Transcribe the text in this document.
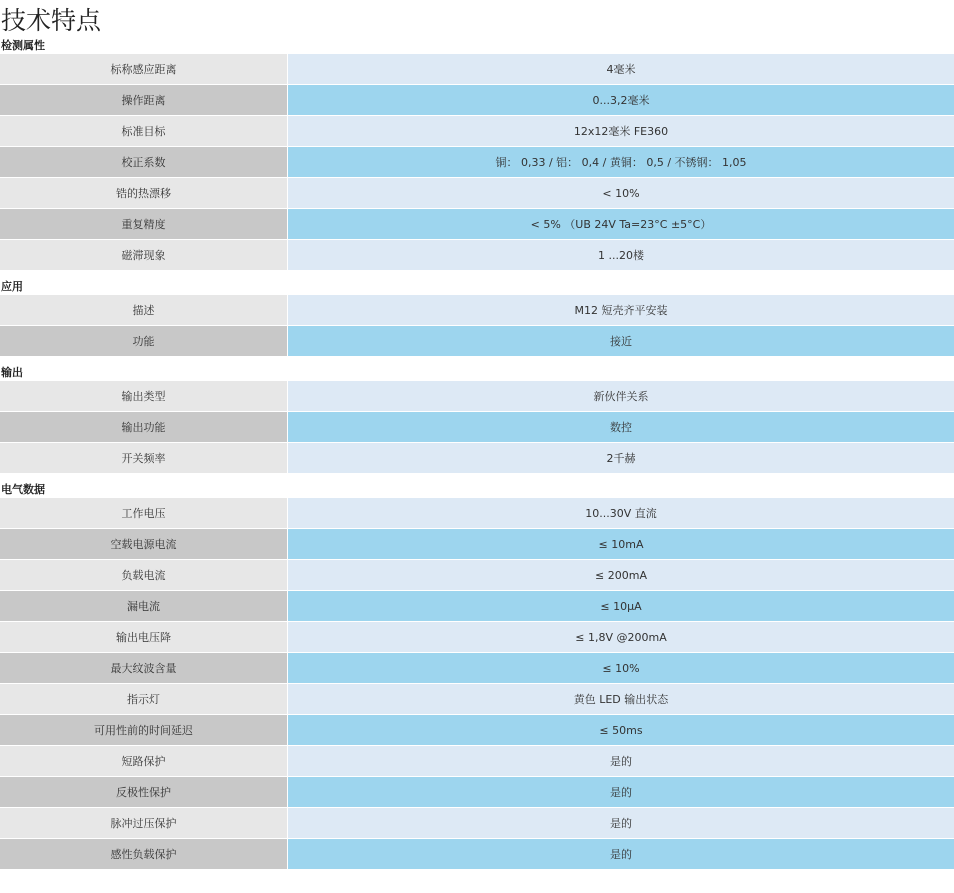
技术特点
检测属性
标称感应距离	4毫米
操作距离	0...3,2毫米
标准目标	12x12毫米 FE360
校正系数	铜： 0,33 / 铝： 0,4 / 黄铜： 0,5 / 不锈钢： 1,05
锆的热漂移	< 10%
重复精度	< 5% （UB 24V Ta=23°C ±5°C）
磁滞现象	1 ...20楼
应用
描述	M12 短壳齐平安装
功能	接近
输出
输出类型	新伙伴关系
输出功能	数控
开关频率	2千赫
电气数据
工作电压	10...30V 直流
空载电源电流	≤ 10mA
负载电流	≤ 200mA
漏电流	≤ 10µA
输出电压降	≤ 1,8V @200mA
最大纹波含量	≤ 10%
指示灯	黄色 LED 输出状态
可用性前的时间延迟	≤ 50ms
短路保护	是的
反极性保护	是的
脉冲过压保护	是的
感性负载保护	是的
